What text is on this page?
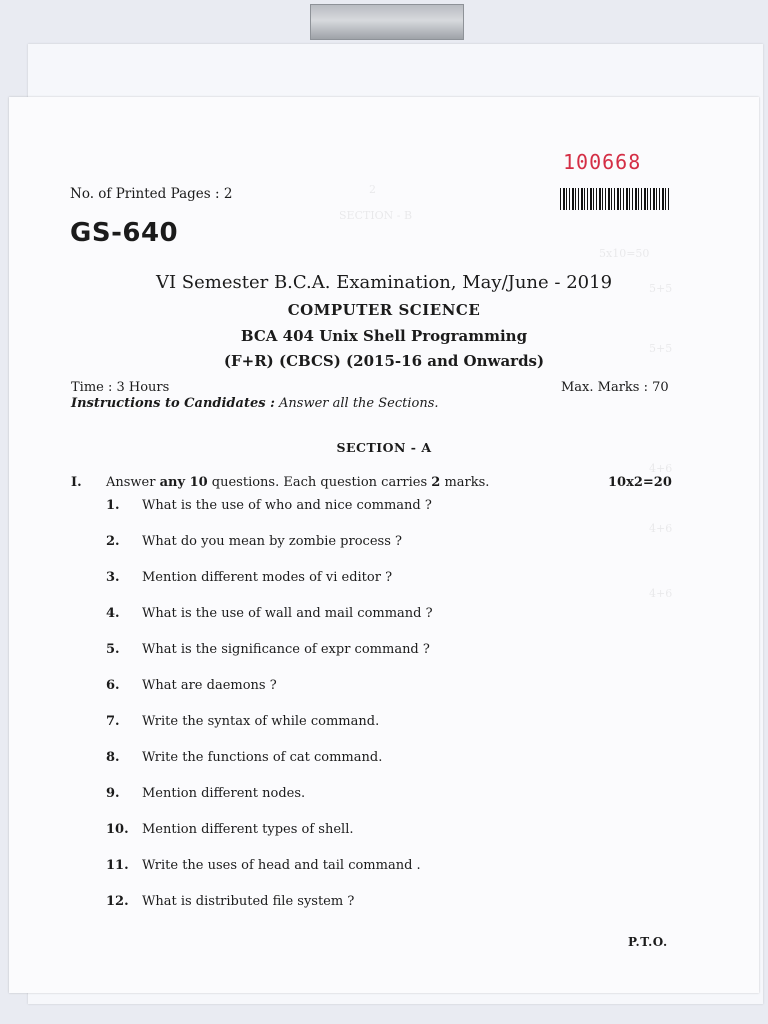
2
SECTION - B
5x10=50
5+5
5+5
4+6
4+6
4+6
100668
No. of Printed Pages : 2
GS-640
VI Semester B.C.A. Examination, May/June - 2019
COMPUTER SCIENCE
BCA 404 Unix Shell Programming
(F+R) (CBCS) (2015-16 and Onwards)
Time : 3 Hours	Max. Marks : 70
Instructions to Candidates : Answer all the Sections.
SECTION - A
I. Answer any 10 questions. Each question carries 2 marks.	10x2=20
1. What is the use of who and nice command ?
2. What do you mean by zombie process ?
3. Mention different modes of vi editor ?
4. What is the use of wall and mail command ?
5. What is the significance of expr command ?
6. What are daemons ?
7. Write the syntax of while command.
8. Write the functions of cat command.
9. Mention different nodes.
10. Mention different types of shell.
11. Write the uses of head and tail command .
12. What is distributed file system ?
P.T.O.
